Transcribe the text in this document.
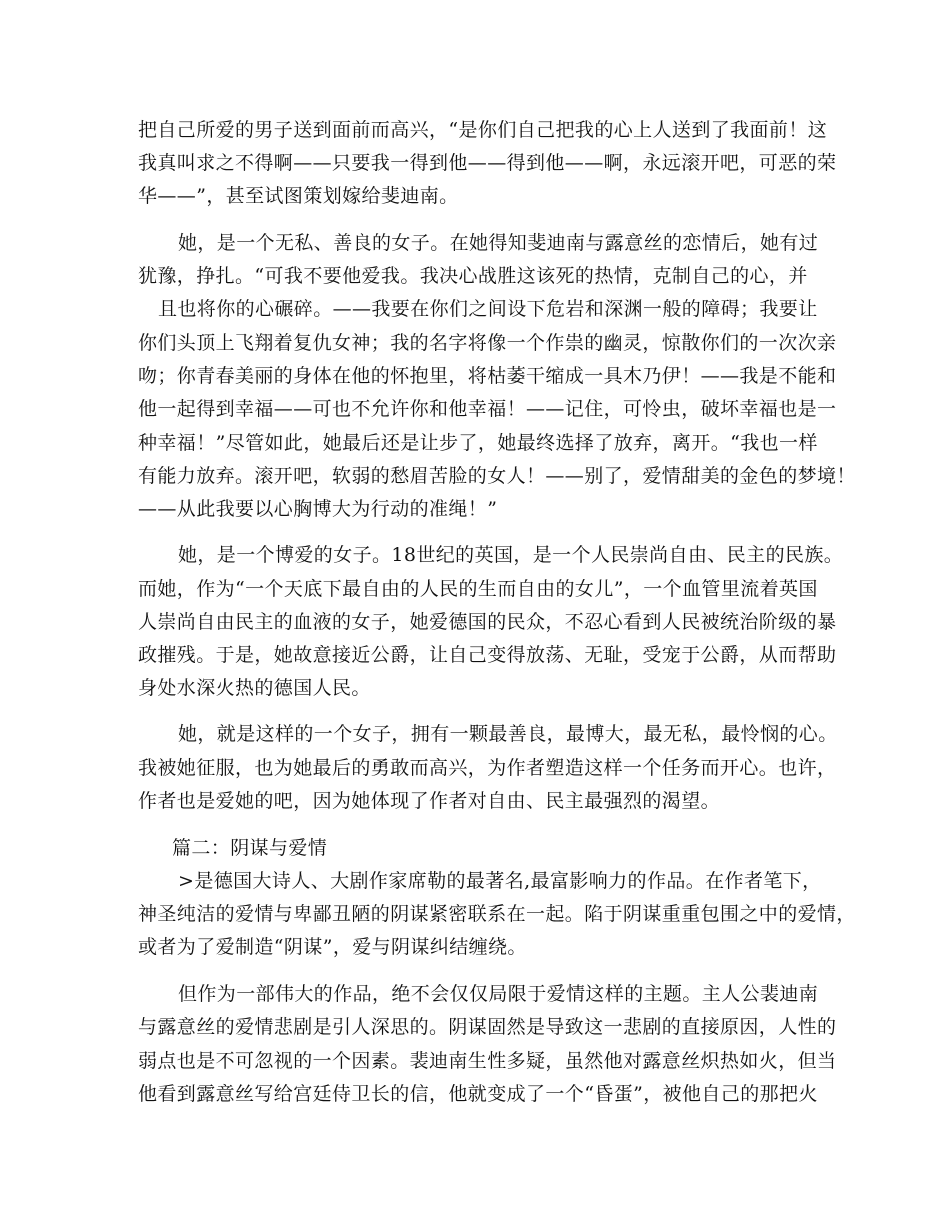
把自己所爱的男子送到面前而高兴，“是你们自己把我的心上人送到了我面前！这
我真叫求之不得啊——只要我一得到他——得到他——啊，永远滚开吧，可恶的荣
华——”，甚至试图策划嫁给斐迪南。
她，是一个无私、善良的女子。在她得知斐迪南与露意丝的恋情后，她有过
犹豫，挣扎。“可我不要他爱我。我决心战胜这该死的热情，克制自己的心，并
且也将你的心碾碎。——我要在你们之间设下危岩和深渊一般的障碍；我要让
你们头顶上飞翔着复仇女神；我的名字将像一个作祟的幽灵，惊散你们的一次次亲
吻；你青春美丽的身体在他的怀抱里，将枯萎干缩成一具木乃伊！——我是不能和
他一起得到幸福——可也不允许你和他幸福！——记住，可怜虫，破坏幸福也是一
种幸福！”尽管如此，她最后还是让步了，她最终选择了放弃，离开。“我也一样
有能力放弃。滚开吧，软弱的愁眉苦脸的女人！——别了，爱情甜美的金色的梦境！
——从此我要以心胸博大为行动的准绳！”
她，是一个博爱的女子。18世纪的英国，是一个人民崇尚自由、民主的民族。
而她，作为“一个天底下最自由的人民的生而自由的女儿”，一个血管里流着英国
人崇尚自由民主的血液的女子，她爱德国的民众，不忍心看到人民被统治阶级的暴
政摧残。于是，她故意接近公爵，让自己变得放荡、无耻，受宠于公爵，从而帮助
身处水深火热的德国人民。
她，就是这样的一个女子，拥有一颗最善良，最博大，最无私，最怜悯的心。
我被她征服，也为她最后的勇敢而高兴，为作者塑造这样一个任务而开心。也许，
作者也是爱她的吧，因为她体现了作者对自由、民主最强烈的渴望。
篇二：阴谋与爱情
>是德国大诗人、大剧作家席勒的最著名,最富影响力的作品。在作者笔下，
神圣纯洁的爱情与卑鄙丑陋的阴谋紧密联系在一起。陷于阴谋重重包围之中的爱情，
或者为了爱制造“阴谋”，爱与阴谋纠结缠绕。
但作为一部伟大的作品，绝不会仅仅局限于爱情这样的主题。主人公裴迪南
与露意丝的爱情悲剧是引人深思的。阴谋固然是导致这一悲剧的直接原因，人性的
弱点也是不可忽视的一个因素。裴迪南生性多疑，虽然他对露意丝炽热如火，但当
他看到露意丝写给宫廷侍卫长的信，他就变成了一个“昏蛋”，被他自己的那把火
